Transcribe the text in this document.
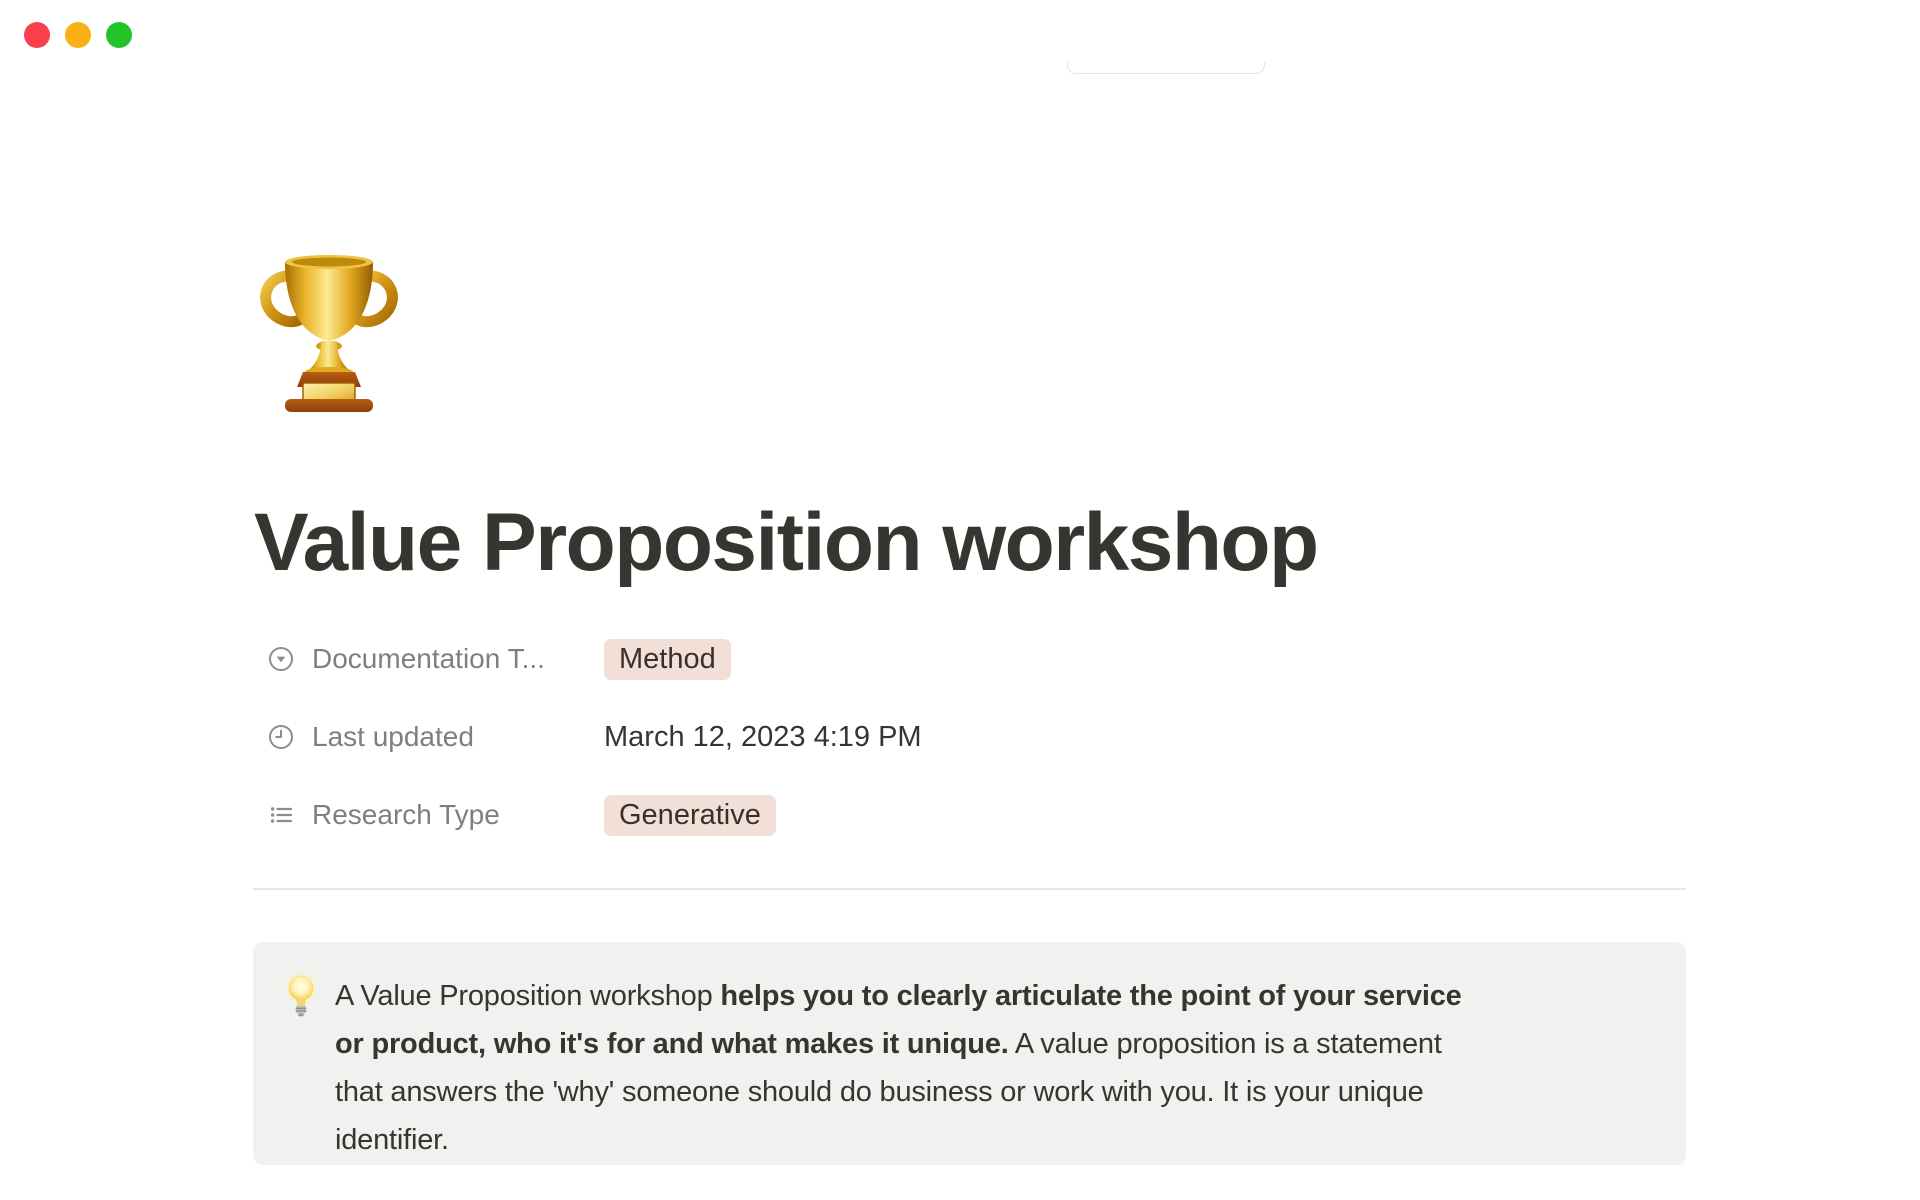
Value Proposition workshop
Documentation T...	Method
Last updated	March 12, 2023 4:19 PM
Research Type	Generative
A Value Proposition workshop helps you to clearly articulate the point of your service
or product, who it's for and what makes it unique. A value proposition is a statement
that answers the 'why' someone should do business or work with you. It is your unique
identifier.
